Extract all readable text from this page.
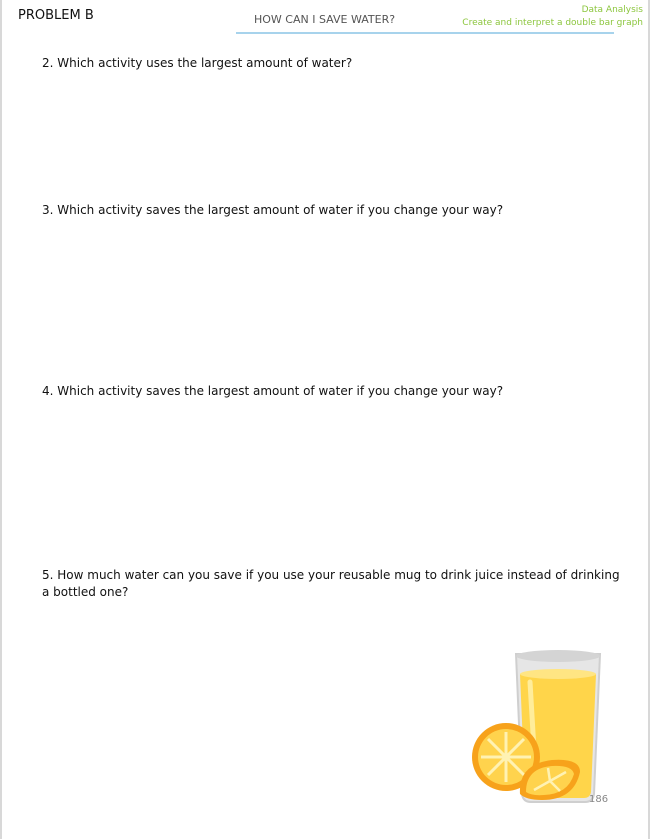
PROBLEM B	HOW CAN I SAVE WATER?
Data Analysis
Create and interpret a double bar graph
2. Which activity uses the largest amount of water?
3. Which activity saves the largest amount of water if you change your way?
4. Which activity saves the largest amount of water if you change your way?
5. How much water can you save if you use your reusable mug to drink juice instead of drinking a bottled one?
186
